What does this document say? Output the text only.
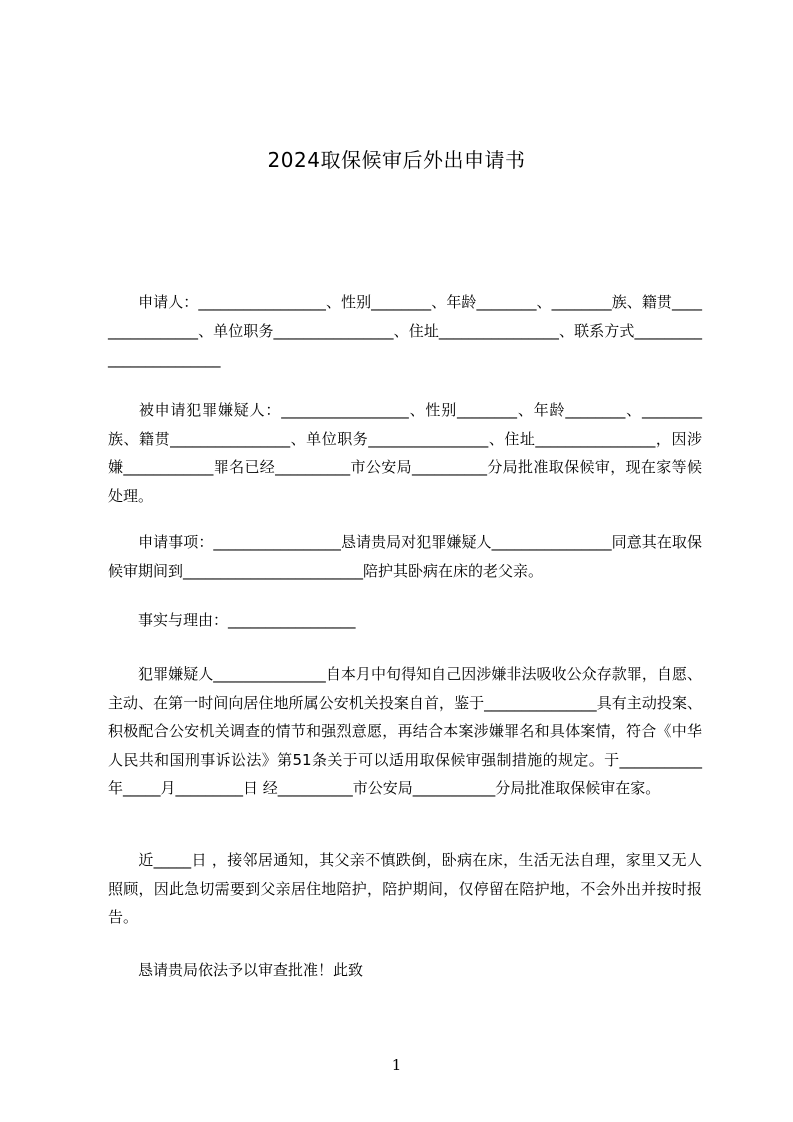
2024取保候审后外出申请书
申请人：_________________、性别________、年龄________、________族、籍贯________________、单位职务________________、住址________________、联系方式________________________
被申请犯罪嫌疑人：_________________、性别________、年龄________、________族、籍贯________________、单位职务________________、住址________________，因涉嫌____________罪名已经__________市公安局__________分局批准取保候审，现在家等候处理。
申请事项：_________________恳请贵局对犯罪嫌疑人________________同意其在取保候审期间到________________________陪护其卧病在床的老父亲。
事实与理由：_________________
犯罪嫌疑人_______________自本月中旬得知自己因涉嫌非法吸收公众存款罪，自愿、主动、在第一时间向居住地所属公安机关投案自首，鉴于_______________具有主动投案、积极配合公安机关调查的情节和强烈意愿，再结合本案涉嫌罪名和具体案情，符合《中华人民共和国刑事诉讼法》第51条关于可以适用取保候审强制措施的规定。于___________年_____月_________日 经__________市公安局___________分局批准取保候审在家。
近_____日 ，接邻居通知，其父亲不慎跌倒，卧病在床，生活无法自理，家里又无人照顾，因此急切需要到父亲居住地陪护，陪护期间，仅停留在陪护地，不会外出并按时报告。
恳请贵局依法予以审查批准！此致
1
